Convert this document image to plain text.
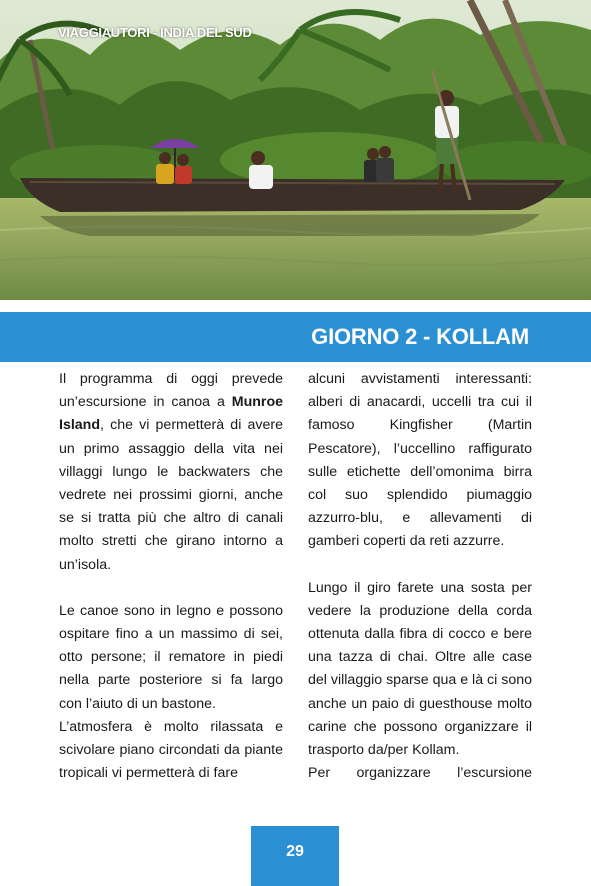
VIAGGIAUTORI - INDIA DEL SUD
GIORNO 2 - KOLLAM

Il programma di oggi prevede un’escursione in canoa a Munroe Island, che vi permetterà di avere un primo assaggio della vita nei villaggi lungo le backwaters che vedrete nei prossimi giorni, anche se si tratta più che altro di canali molto stretti che girano intorno a un’isola.

Le canoe sono in legno e possono ospitare fino a un massimo di sei, otto persone; il rematore in piedi nella parte posteriore si fa largo con l’aiuto di un bastone.

L’atmosfera è molto rilassata e scivolare piano circondati da piante tropicali vi permetterà di fare

alcuni avvistamenti interessanti: alberi di anacardi, uccelli tra cui il famoso Kingfisher (Martin Pescatore), l’uccellino raffigurato sulle etichette dell’omonima birra col suo splendido piumaggio azzurro-blu, e allevamenti di gamberi coperti da reti azzurre.

Lungo il giro farete una sosta per vedere la produzione della corda ottenuta dalla fibra di cocco e bere una tazza di chai. Oltre alle case del villaggio sparse qua e là ci sono anche un paio di guesthouse molto carine che possono organizzare il trasporto da/per Kollam.

Per organizzare l’escursione

29
